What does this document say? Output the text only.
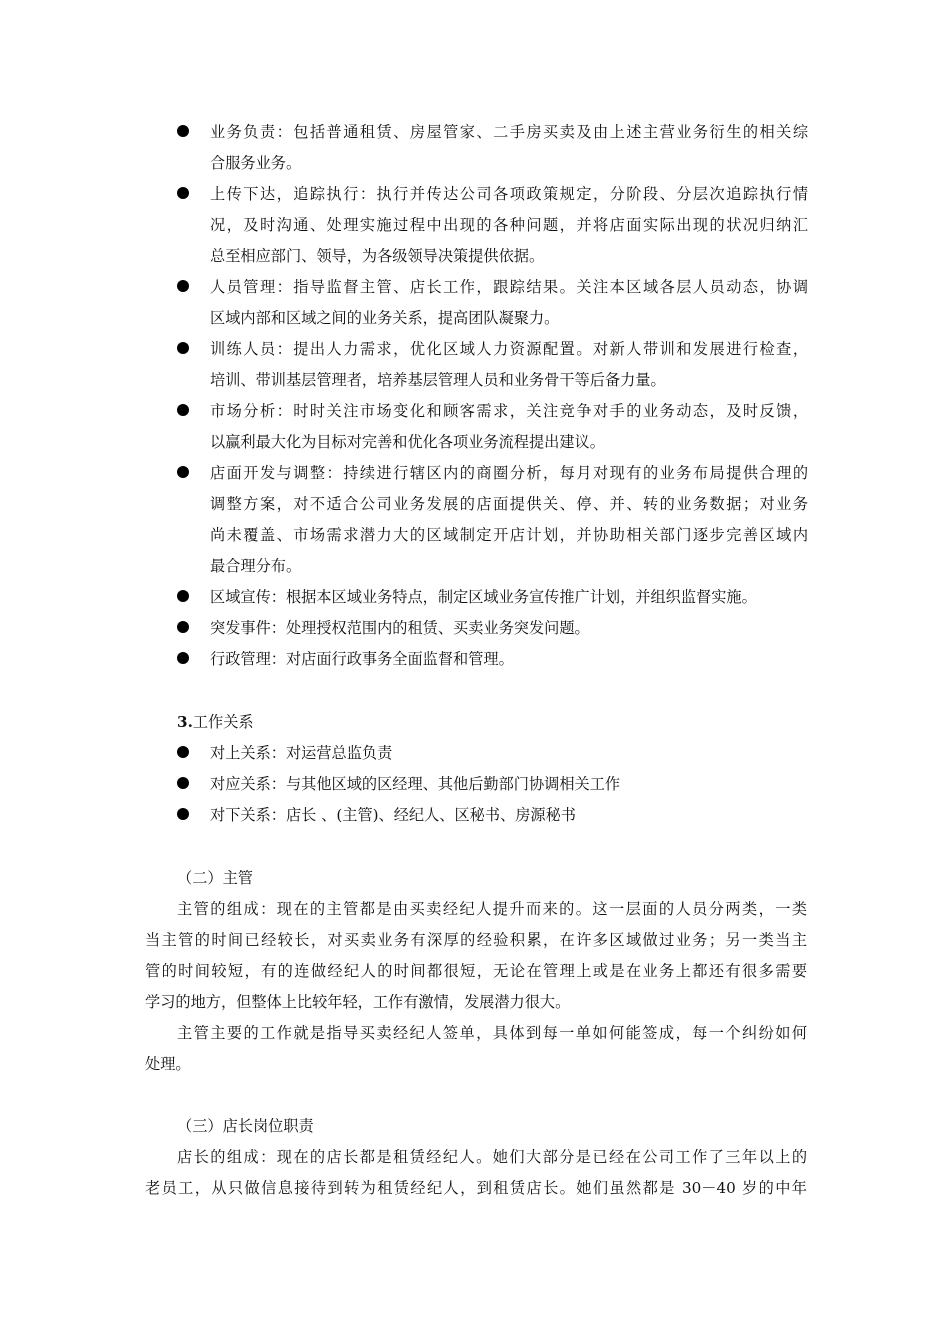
业务负责：包括普通租赁、房屋管家、二手房买卖及由上述主营业务衍生的相关综
合服务业务。
上传下达，追踪执行：执行并传达公司各项政策规定，分阶段、分层次追踪执行情
况，及时沟通、处理实施过程中出现的各种问题，并将店面实际出现的状况归纳汇
总至相应部门、领导，为各级领导决策提供依据。
人员管理：指导监督主管、店长工作，跟踪结果。关注本区域各层人员动态，协调
区域内部和区域之间的业务关系，提高团队凝聚力。
训练人员：提出人力需求，优化区域人力资源配置。对新人带训和发展进行检查，
培训、带训基层管理者，培养基层管理人员和业务骨干等后备力量。
市场分析：时时关注市场变化和顾客需求，关注竞争对手的业务动态，及时反馈，
以赢利最大化为目标对完善和优化各项业务流程提出建议。
店面开发与调整：持续进行辖区内的商圈分析，每月对现有的业务布局提供合理的
调整方案，对不适合公司业务发展的店面提供关、停、并、转的业务数据；对业务
尚未覆盖、市场需求潜力大的区域制定开店计划，并协助相关部门逐步完善区域内
最合理分布。
区域宣传：根据本区域业务特点，制定区域业务宣传推广计划，并组织监督实施。
突发事件：处理授权范围内的租赁、买卖业务突发问题。
行政管理：对店面行政事务全面监督和管理。
3.工作关系
对上关系：对运营总监负责
对应关系：与其他区域的区经理、其他后勤部门协调相关工作
对下关系：店长 、(主管)、经纪人、区秘书、房源秘书
（二）主管
主管的组成：现在的主管都是由买卖经纪人提升而来的。这一层面的人员分两类，一类
当主管的时间已经较长，对买卖业务有深厚的经验积累，在许多区域做过业务；另一类当主
管的时间较短，有的连做经纪人的时间都很短，无论在管理上或是在业务上都还有很多需要
学习的地方，但整体上比较年轻，工作有激情，发展潜力很大。
主管主要的工作就是指导买卖经纪人签单，具体到每一单如何能签成，每一个纠纷如何
处理。
（三）店长岗位职责
店长的组成：现在的店长都是租赁经纪人。她们大部分是已经在公司工作了三年以上的
老员工，从只做信息接待到转为租赁经纪人，到租赁店长。她们虽然都是 30－40 岁的中年
